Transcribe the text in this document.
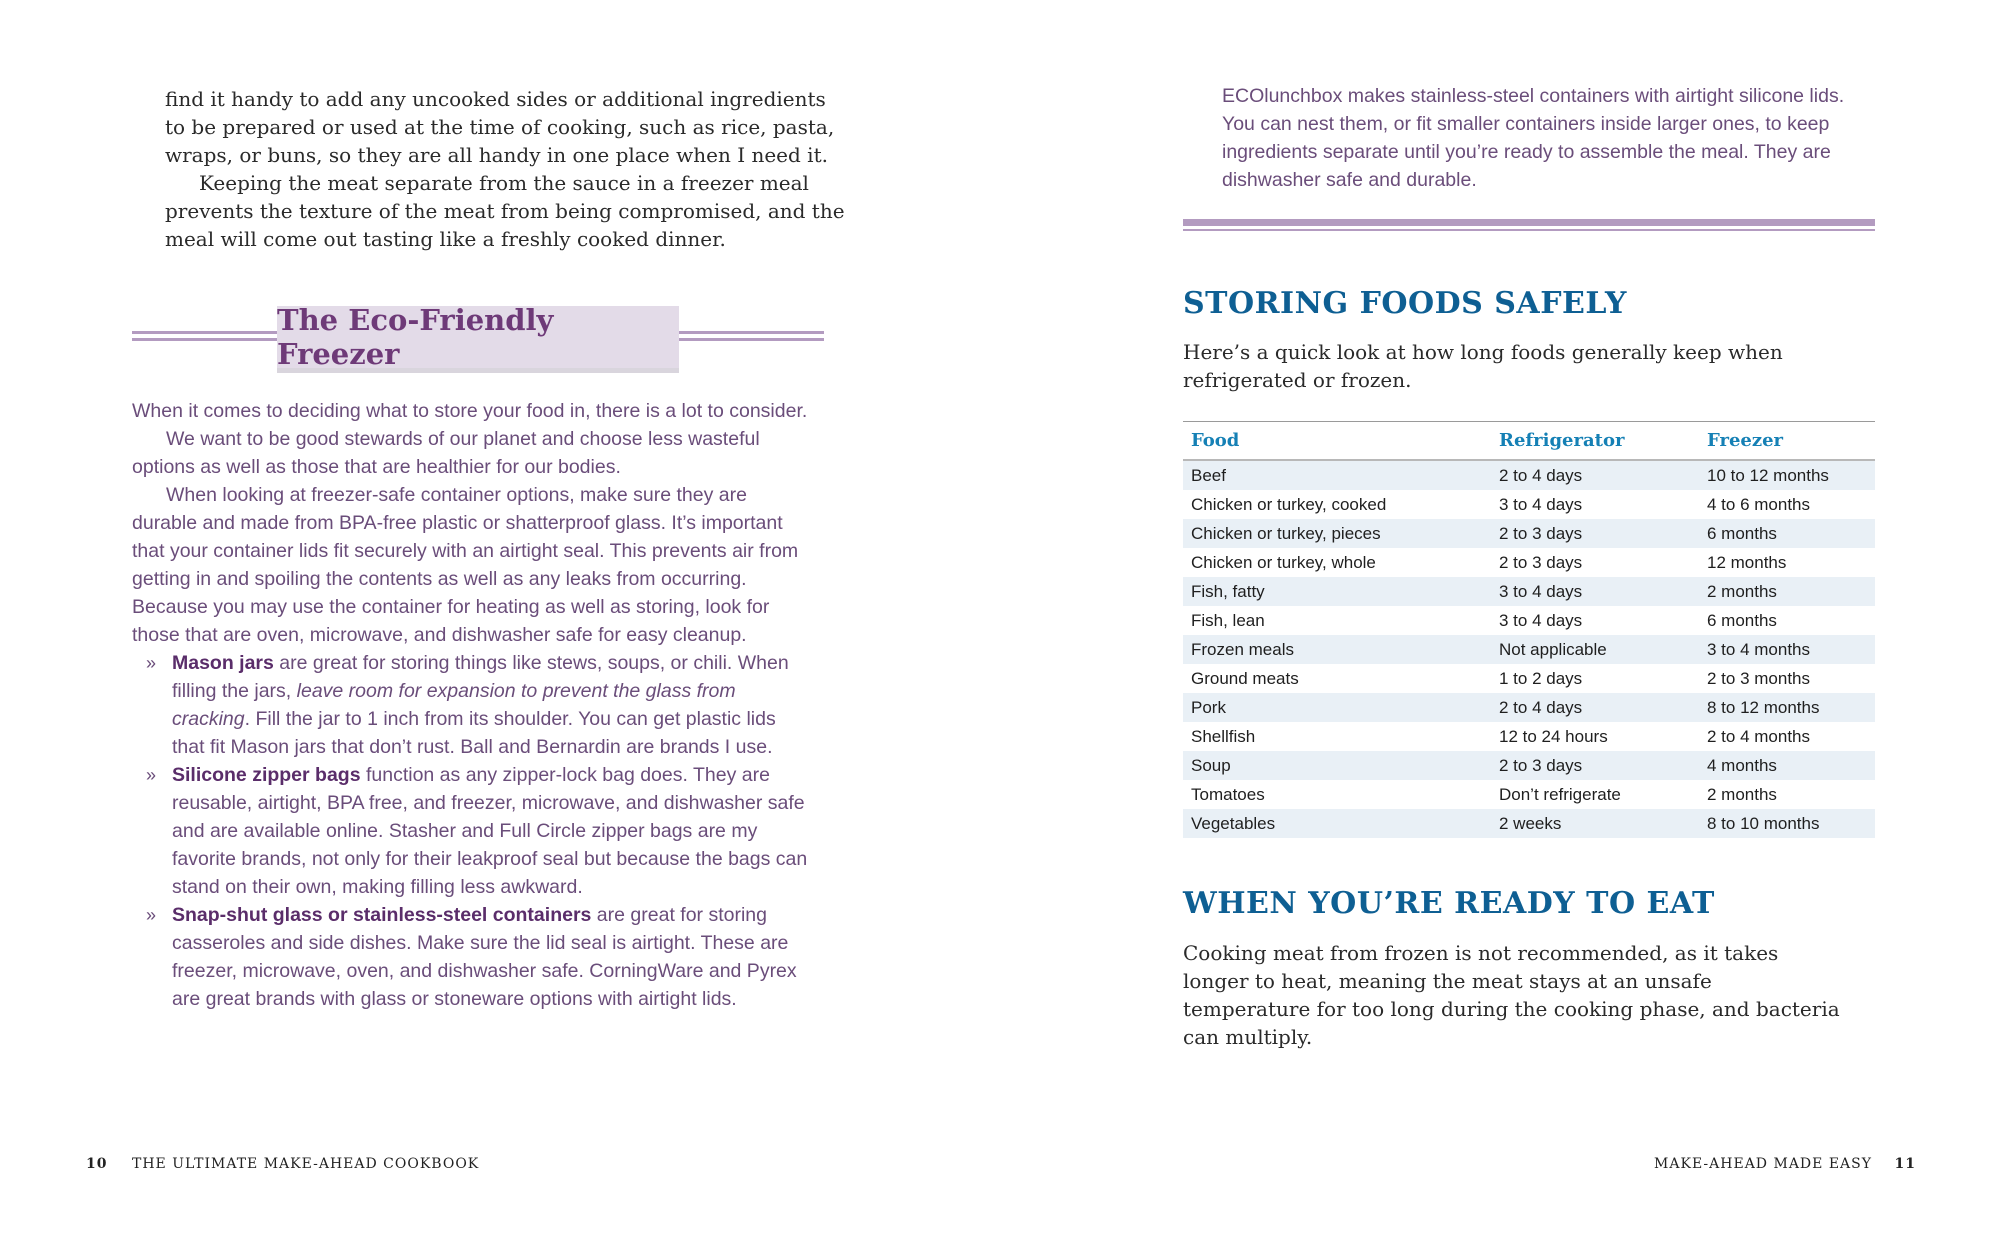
find it handy to add any uncooked sides or additional ingredients to be prepared or used at the time of cooking, such as rice, pasta, wraps, or buns, so they are all handy in one place when I need it.

Keeping the meat separate from the sauce in a freezer meal prevents the texture of the meat from being compromised, and the meal will come out tasting like a freshly cooked dinner.

The Eco-Friendly Freezer

When it comes to deciding what to store your food in, there is a lot to consider.

We want to be good stewards of our planet and choose less wasteful options as well as those that are healthier for our bodies.

When looking at freezer-safe container options, make sure they are durable and made from BPA-free plastic or shatterproof glass. It’s important that your container lids fit securely with an airtight seal. This prevents air from getting in and spoiling the contents as well as any leaks from occurring. Because you may use the container for heating as well as storing, look for those that are oven, microwave, and dishwasher safe for easy cleanup.

» Mason jars are great for storing things like stews, soups, or chili. When filling the jars, leave room for expansion to prevent the glass from cracking. Fill the jar to 1 inch from its shoulder. You can get plastic lids that fit Mason jars that don’t rust. Ball and Bernardin are brands I use.
» Silicone zipper bags function as any zipper-lock bag does. They are reusable, airtight, BPA free, and freezer, microwave, and dishwasher safe and are available online. Stasher and Full Circle zipper bags are my favorite brands, not only for their leakproof seal but because the bags can stand on their own, making filling less awkward.
» Snap-shut glass or stainless-steel containers are great for storing casseroles and side dishes. Make sure the lid seal is airtight. These are freezer, microwave, oven, and dishwasher safe. CorningWare and Pyrex are great brands with glass or stoneware options with airtight lids.
10 THE ULTIMATE MAKE-AHEAD COOKBOOK
ECOlunchbox makes stainless-steel containers with airtight silicone lids. You can nest them, or fit smaller containers inside larger ones, to keep ingredients separate until you’re ready to assemble the meal. They are dishwasher safe and durable.
STORING FOODS SAFELY

Here’s a quick look at how long foods generally keep when refrigerated or frozen.

Food	Refrigerator	Freezer
Beef	2 to 4 days	10 to 12 months
Chicken or turkey, cooked	3 to 4 days	4 to 6 months
Chicken or turkey, pieces	2 to 3 days	6 months
Chicken or turkey, whole	2 to 3 days	12 months
Fish, fatty	3 to 4 days	2 months
Fish, lean	3 to 4 days	6 months
Frozen meals	Not applicable	3 to 4 months
Ground meats	1 to 2 days	2 to 3 months
Pork	2 to 4 days	8 to 12 months
Shellfish	12 to 24 hours	2 to 4 months
Soup	2 to 3 days	4 months
Tomatoes	Don’t refrigerate	2 months
Vegetables	2 weeks	8 to 10 months
WHEN YOU’RE READY TO EAT

Cooking meat from frozen is not recommended, as it takes longer to heat, meaning the meat stays at an unsafe temperature for too long during the cooking phase, and bacteria can multiply.

MAKE-AHEAD MADE EASY 11
